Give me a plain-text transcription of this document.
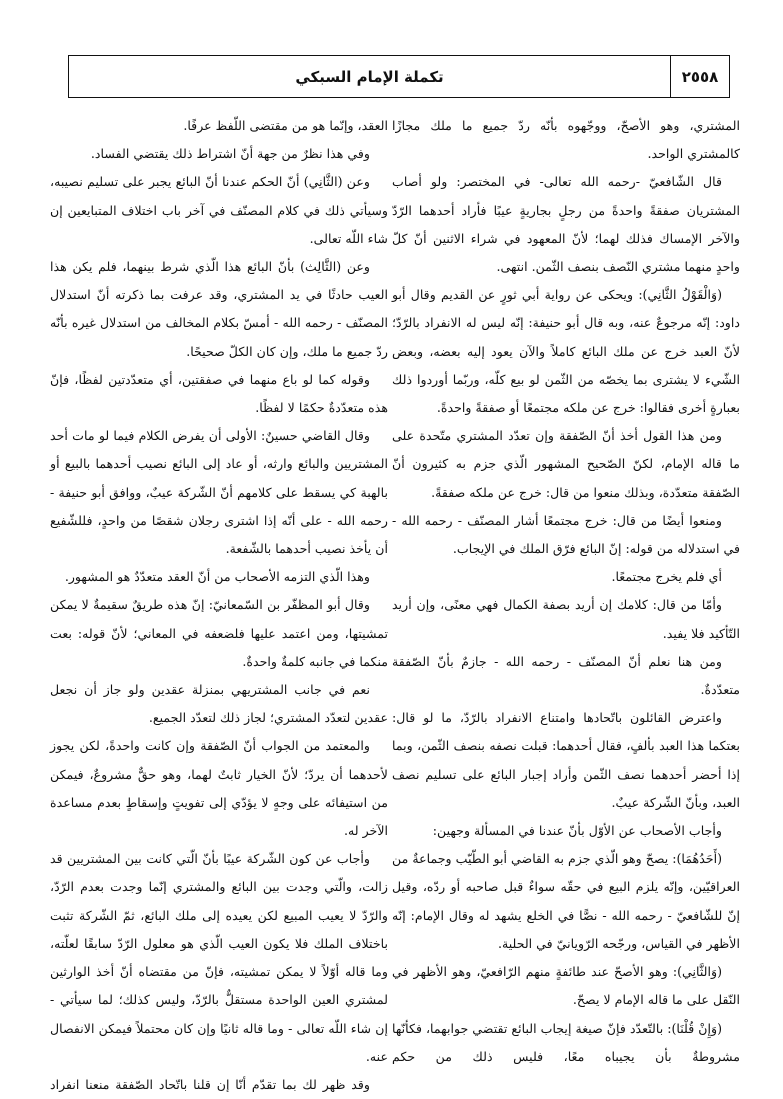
٢٥٥٨
تكملة الإمام السبكي

المشتري، وهو الأصحّ، ووجّهوه بأنّه ردّ جميع ما ملك مجازًا كالمشتري الواحد.

قال الشّافعيّ -رحمه الله تعالى- في المختصر: ولو أصاب المشتريان صفقةً واحدةً من رجلٍ بجاريةٍ عيبًا فأراد أحدهما الرّدّ والآخر الإمساك فذلك لهما؛ لأنّ المعهود في شراء الاثنين أنّ كلّ واحدٍ منهما مشتري النّصف بنصف الثّمن. انتهى.

(وَالْقَوْلُ الثَّانِي): ويحكى عن رواية أبي ثورٍ عن القديم وقال أبو داود: إنّه مرجوعٌ عنه، وبه قال أبو حنيفة: إنّه ليس له الانفراد بالرّدّ؛ لأنّ العبد خرج عن ملك البائع كاملاً والآن يعود إليه بعضه، وبعض الشّيء لا يشترى بما يخصّه من الثّمن لو بيع كلّه، وربّما أوردوا ذلك بعبارةٍ أخرى فقالوا: خرج عن ملكه مجتمعًا أو صفقةً واحدةً.

ومن هذا القول أخذ أنّ الصّفقة وإن تعدّد المشتري متّحدة على ما قاله الإمام، لكنّ الصّحيح المشهور الّذي جزم به كثيرون أنّ الصّفقة متعدّدة، وبذلك منعوا من قال: خرج عن ملكه صفقةً.

ومنعوا أيضًا من قال: خرج مجتمعًا أشار المصنّف - رحمه الله - في استدلاله من قوله: إنّ البائع فرّق الملك في الإيجاب.

أي فلم يخرج مجتمعًا.

وأمّا من قال: كلامك إن أريد بصفة الكمال فهي معنًى، وإن أريد التّأكيد فلا يفيد.

ومن هنا نعلم أنّ المصنّف - رحمه الله - جازمٌ بأنّ الصّفقة متعدّدةٌ.

واعترض القائلون باتّحادها وامتناع الانفراد بالرّدّ، ما لو قال: بعتكما هذا العبد بألفٍ، فقال أحدهما: قبلت نصفه بنصف الثّمن، وبما إذا أحضر أحدهما نصف الثّمن وأراد إجبار البائع على تسليم نصف العبد، وبأنّ الشّركة عيبٌ.

وأجاب الأصحاب عن الأوّل بأنّ عندنا في المسألة وجهين:

(أَحَدُهُمَا): يصحّ وهو الّذي جزم به القاضي أبو الطّيّب وجماعةٌ من العراقيّين، وإنّه يلزم البيع في حقّه سواءٌ قبل صاحبه أو ردّه، وقيل إنّ للشّافعيّ - رحمه الله - نصًّا في الخلع يشهد له وقال الإمام: إنّه الأظهر في القياس، ورجّحه الرّويانيّ في الحلية.

(وَالثَّانِي): وهو الأصحّ عند طائفةٍ منهم الرّافعيّ، وهو الأظهر في النّقل على ما قاله الإمام لا يصحّ.

(وَإِنْ قُلْنَا): بالتّعدّد فإنّ صيغة إيجاب البائع تقتضي جوابهما، فكأنّها مشروطةٌ بأن يجيباه معًا، فليس ذلك من حكم

العقد، وإنّما هو من مقتضى اللّفظ عرفًا.

وفي هذا نظرٌ من جهة أنّ اشتراط ذلك يقتضي الفساد.

وعن (الثَّانِي) أنّ الحكم عندنا أنّ البائع يجبر على تسليم نصيبه، وسيأتي ذلك في كلام المصنّف في آخر باب اختلاف المتبايعين إن شاء اللّه تعالى.

وعن (الثَّالِث) بأنّ البائع هذا الّذي شرط بينهما، فلم يكن هذا العيب حادثًا في يد المشتري، وقد عرفت بما ذكرته أنّ استدلال المصنّف - رحمه الله - أمسّ بكلام المخالف من استدلال غيره بأنّه ردّ جميع ما ملك، وإن كان الكلّ صحيحًا.

وقوله كما لو باع منهما في صفقتين، أي متعدّدتين لفظًا، فإنّ هذه متعدّدةٌ حكمًا لا لفظًا.

وقال القاضي حسينٌ: الأولى أن يفرض الكلام فيما لو مات أحد المشتريين والبائع وارثه، أو عاد إلى البائع نصيب أحدهما بالبيع أو بالهبة كي يسقط على كلامهم أنّ الشّركة عيبٌ، ووافق أبو حنيفة - رحمه الله - على أنّه إذا اشترى رجلان شقصًا من واحدٍ، فللشّفيع أن يأخذ نصيب أحدهما بالشّفعة.

وهذا الّذي التزمه الأصحاب من أنّ العقد متعدّدٌ هو المشهور.

وقال أبو المظفّر بن السّمعانيّ: إنّ هذه طريقٌ سقيمةٌ لا يمكن تمشيتها، ومن اعتمد عليها فلضعفه في المعاني؛ لأنّ قوله: بعت منكما في جانبه كلمةٌ واحدةٌ.

نعم في جانب المشتريهي بمنزلة عقدين ولو جاز أن نجعل عقدين لتعدّد المشتري؛ لجاز ذلك لتعدّد الجميع.

والمعتمد من الجواب أنّ الصّفقة وإن كانت واحدةً، لكن يجوز لأحدهما أن يردّ؛ لأنّ الخيار ثابتٌ لهما، وهو حقٌّ مشروعٌ، فيمكن من استيفائه على وجهٍ لا يؤدّي إلى تفويتٍ وإسقاطٍ بعدم مساعدة الآخر له.

وأجاب عن كون الشّركة عيبًا بأنّ الّتي كانت بين المشتريين قد زالت، والّتي وجدت بين البائع والمشتري إنّما وجدت بعدم الرّدّ، والرّدّ لا يعيب المبيع لكن يعيده إلى ملك البائع، ثمّ الشّركة تثبت باختلاف الملك فلا يكون العيب الّذي هو معلول الرّدّ سابقًا لعلّته، وما قاله أوّلاً لا يمكن تمشيته، فإنّ من مقتضاه أنّ أخذ الوارثين لمشتري العين الواحدة مستقلٌّ بالرّدّ، وليس كذلك؛ لما سيأتي - إن شاء اللّه تعالى - وما قاله ثانيًا وإن كان محتملاً فيمكن الانفصال عنه.

وقد ظهر لك بما تقدّم أنّا إن قلنا باتّحاد الصّفقة منعنا انفراد
